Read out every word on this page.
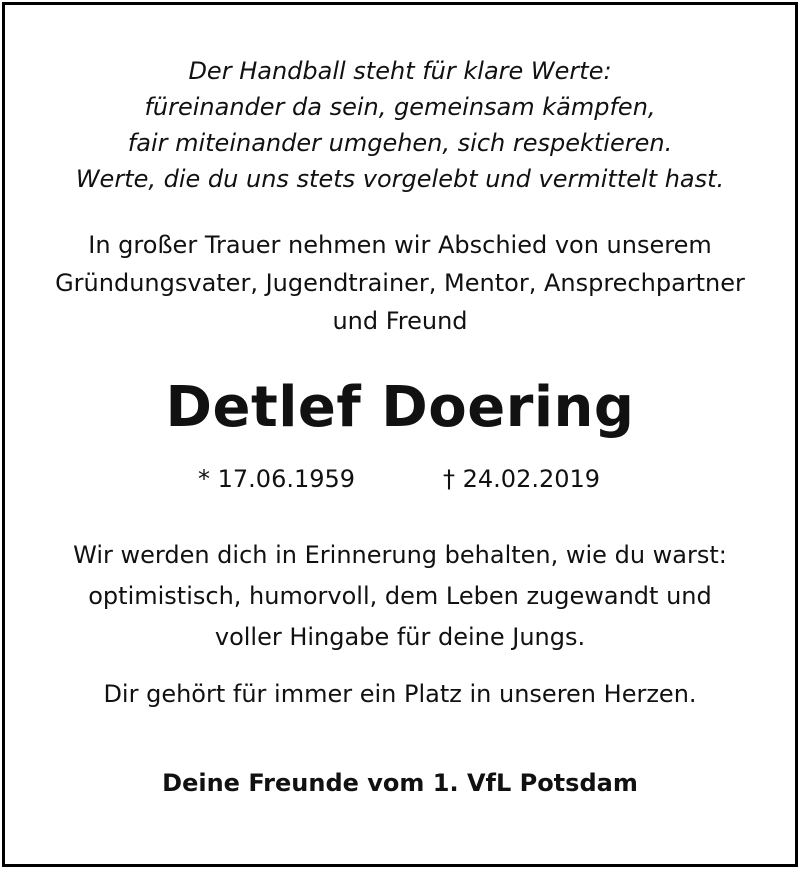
Der Handball steht für klare Werte:
füreinander da sein, gemeinsam kämpfen,
fair miteinander umgehen, sich respektieren.
Werte, die du uns stets vorgelebt und vermittelt hast.
In großer Trauer nehmen wir Abschied von unserem
Gründungsvater, Jugendtrainer, Mentor, Ansprechpartner
und Freund
Detlef Doering
* 17.06.1959	† 24.02.2019
Wir werden dich in Erinnerung behalten, wie du warst:
optimistisch, humorvoll, dem Leben zugewandt und
voller Hingabe für deine Jungs.
Dir gehört für immer ein Platz in unseren Herzen.
Deine Freunde vom 1. VfL Potsdam
